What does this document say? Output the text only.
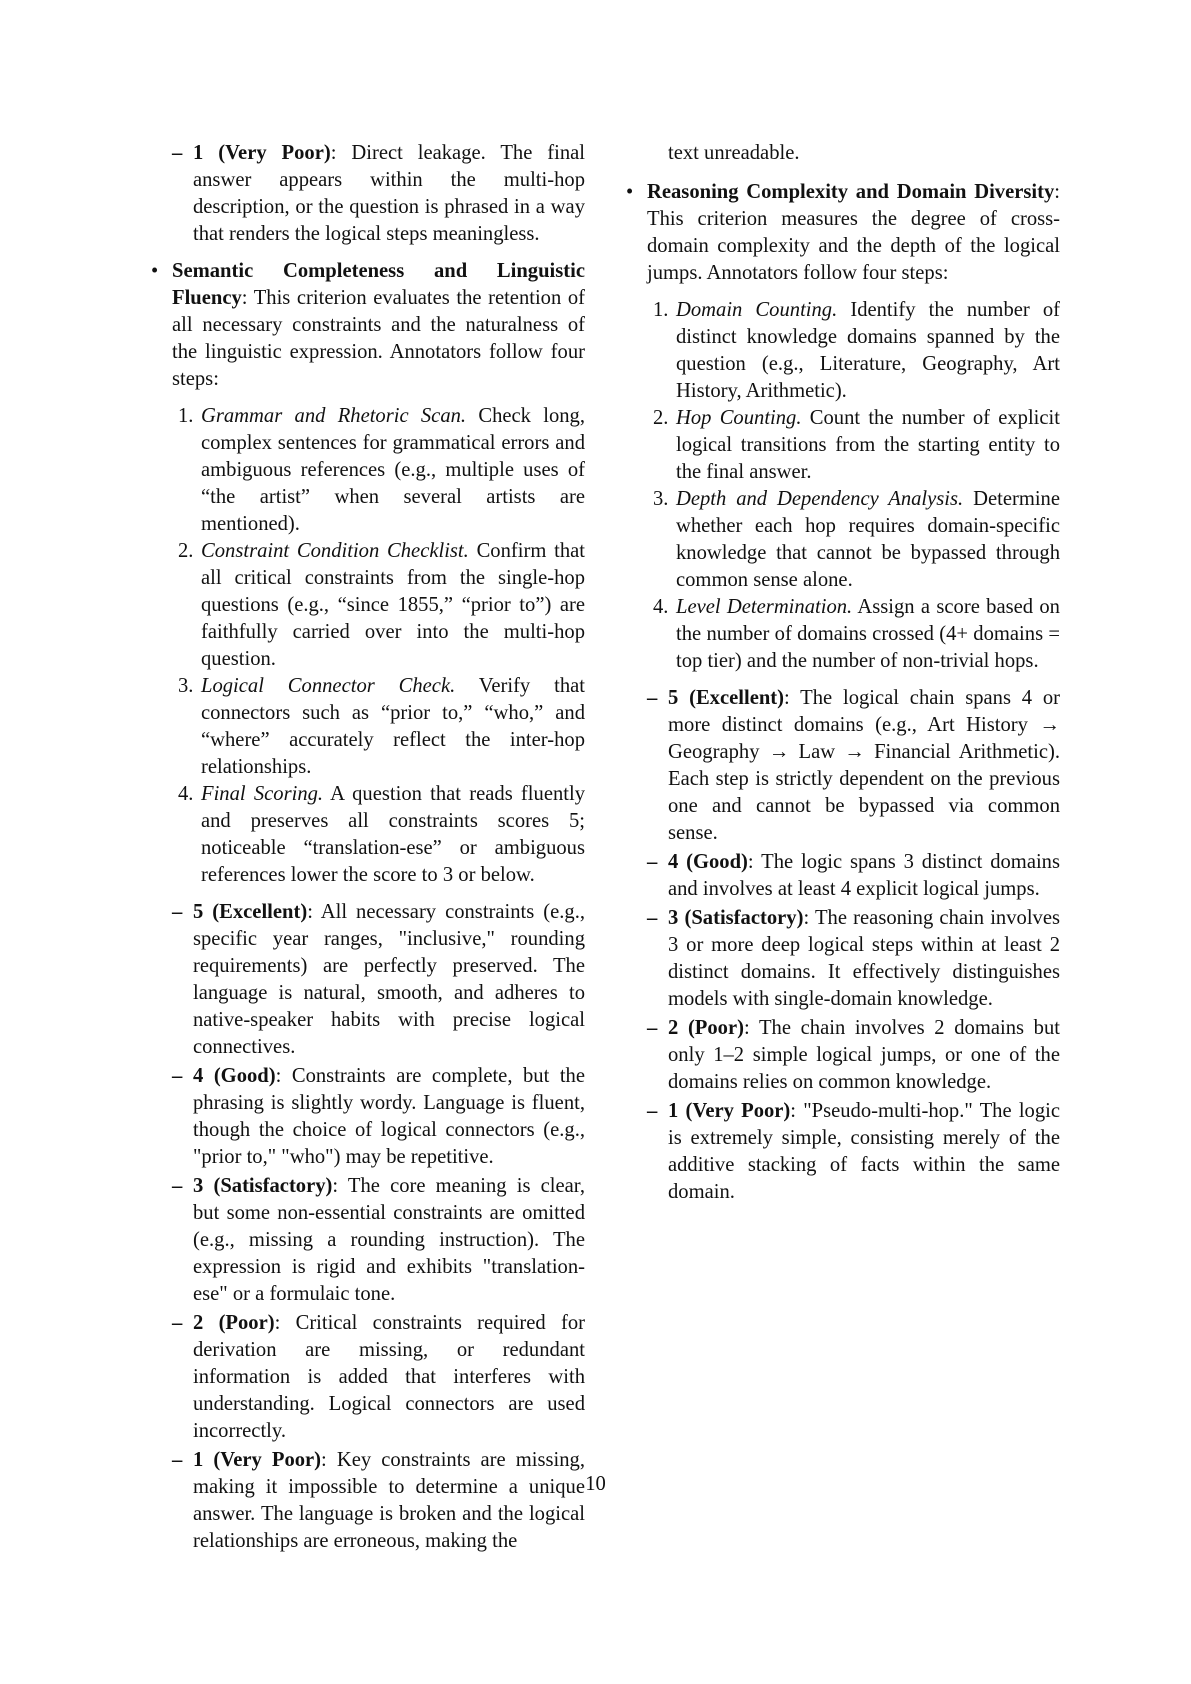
– 1 (Very Poor): Direct leakage. The final answer appears within the multi-hop description, or the question is phrased in a way that renders the logical steps meaningless.
• Semantic Completeness and Linguistic Fluency: This criterion evaluates the retention of all necessary constraints and the naturalness of the linguistic expression. Annotators follow four steps:
1. Grammar and Rhetoric Scan. Check long, complex sentences for grammatical errors and ambiguous references (e.g., multiple uses of “the artist” when several artists are mentioned).
2. Constraint Condition Checklist. Confirm that all critical constraints from the single-hop questions (e.g., “since 1855,” “prior to”) are faithfully carried over into the multi-hop question.
3. Logical Connector Check. Verify that connectors such as “prior to,” “who,” and “where” accurately reflect the inter-hop relationships.
4. Final Scoring. A question that reads fluently and preserves all constraints scores 5; noticeable “translation-ese” or ambiguous references lower the score to 3 or below.
– 5 (Excellent): All necessary constraints (e.g., specific year ranges, "inclusive," rounding requirements) are perfectly preserved. The language is natural, smooth, and adheres to native-speaker habits with precise logical connectives.
– 4 (Good): Constraints are complete, but the phrasing is slightly wordy. Language is fluent, though the choice of logical connectors (e.g., "prior to," "who") may be repetitive.
– 3 (Satisfactory): The core meaning is clear, but some non-essential constraints are omitted (e.g., missing a rounding instruction). The expression is rigid and exhibits "translation-ese" or a formulaic tone.
– 2 (Poor): Critical constraints required for derivation are missing, or redundant information is added that interferes with understanding. Logical connectors are used incorrectly.
– 1 (Very Poor): Key constraints are missing, making it impossible to determine a unique answer. The language is broken and the logical relationships are erroneous, making the
text unreadable.
• Reasoning Complexity and Domain Diversity: This criterion measures the degree of cross-domain complexity and the depth of the logical jumps. Annotators follow four steps:
1. Domain Counting. Identify the number of distinct knowledge domains spanned by the question (e.g., Literature, Geography, Art History, Arithmetic).
2. Hop Counting. Count the number of explicit logical transitions from the starting entity to the final answer.
3. Depth and Dependency Analysis. Determine whether each hop requires domain-specific knowledge that cannot be bypassed through common sense alone.
4. Level Determination. Assign a score based on the number of domains crossed (4+ domains = top tier) and the number of non-trivial hops.
– 5 (Excellent): The logical chain spans 4 or more distinct domains (e.g., Art History → Geography → Law → Financial Arithmetic). Each step is strictly dependent on the previous one and cannot be bypassed via common sense.
– 4 (Good): The logic spans 3 distinct domains and involves at least 4 explicit logical jumps.
– 3 (Satisfactory): The reasoning chain involves 3 or more deep logical steps within at least 2 distinct domains. It effectively distinguishes models with single-domain knowledge.
– 2 (Poor): The chain involves 2 domains but only 1–2 simple logical jumps, or one of the domains relies on common knowledge.
– 1 (Very Poor): "Pseudo-multi-hop." The logic is extremely simple, consisting merely of the additive stacking of facts within the same domain.
10
